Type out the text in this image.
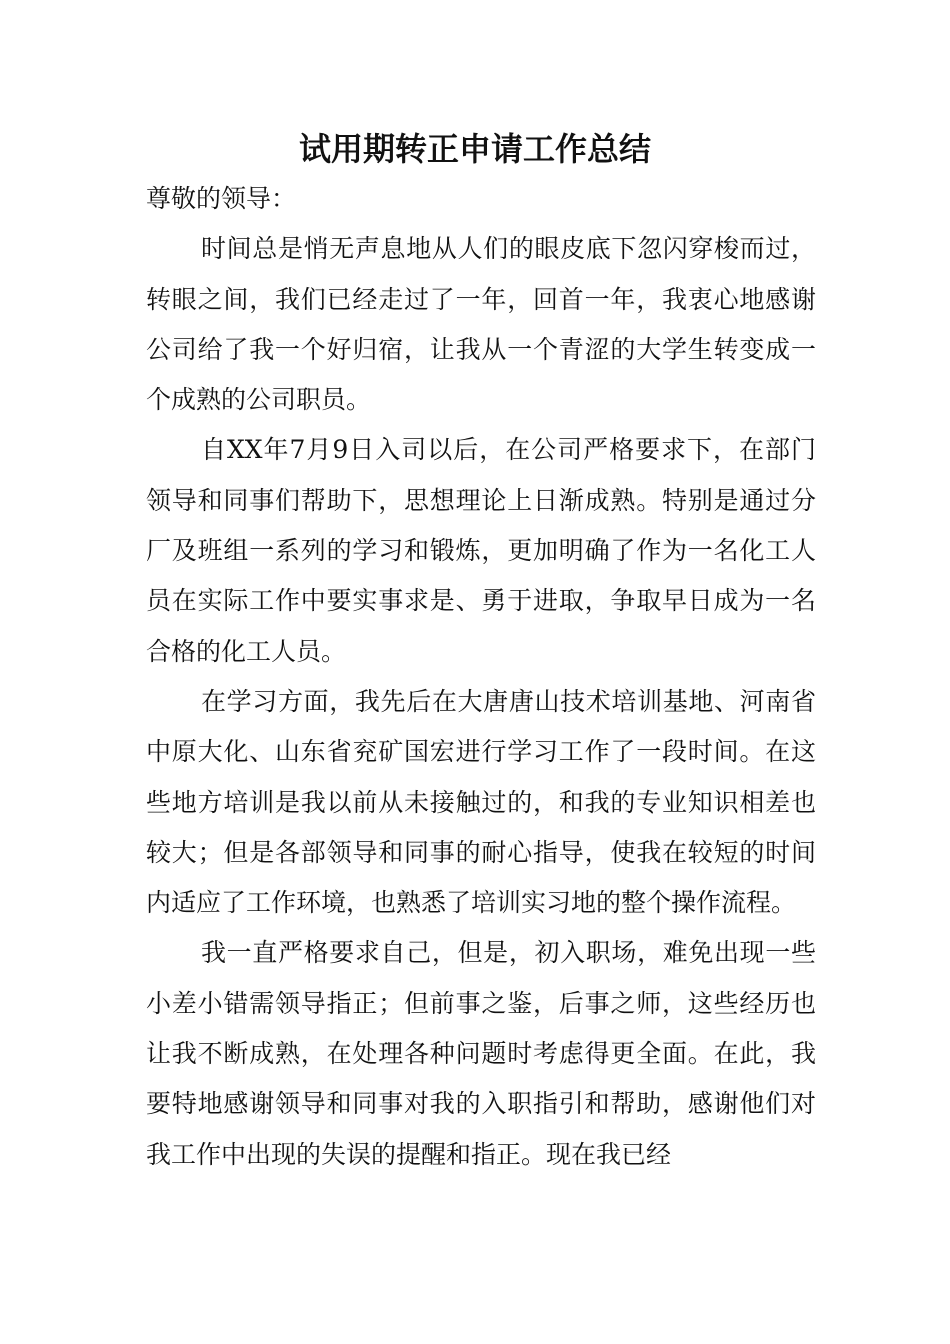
试用期转正申请工作总结

尊敬的领导：

时间总是悄无声息地从人们的眼皮底下忽闪穿梭而过，转眼之间，我们已经走过了一年，回首一年，我衷心地感谢公司给了我一个好归宿，让我从一个青涩的大学生转变成一个成熟的公司职员。

自XX年7月9日入司以后，在公司严格要求下，在部门领导和同事们帮助下，思想理论上日渐成熟。特别是通过分厂及班组一系列的学习和锻炼，更加明确了作为一名化工人员在实际工作中要实事求是、勇于进取，争取早日成为一名合格的化工人员。

在学习方面，我先后在大唐唐山技术培训基地、河南省中原大化、山东省兖矿国宏进行学习工作了一段时间。在这些地方培训是我以前从未接触过的，和我的专业知识相差也较大；但是各部领导和同事的耐心指导，使我在较短的时间内适应了工作环境，也熟悉了培训实习地的整个操作流程。

我一直严格要求自己，但是，初入职场，难免出现一些小差小错需领导指正；但前事之鉴，后事之师，这些经历也让我不断成熟，在处理各种问题时考虑得更全面。在此，我要特地感谢领导和同事对我的入职指引和帮助，感谢他们对我工作中出现的失误的提醒和指正。现在我已经
